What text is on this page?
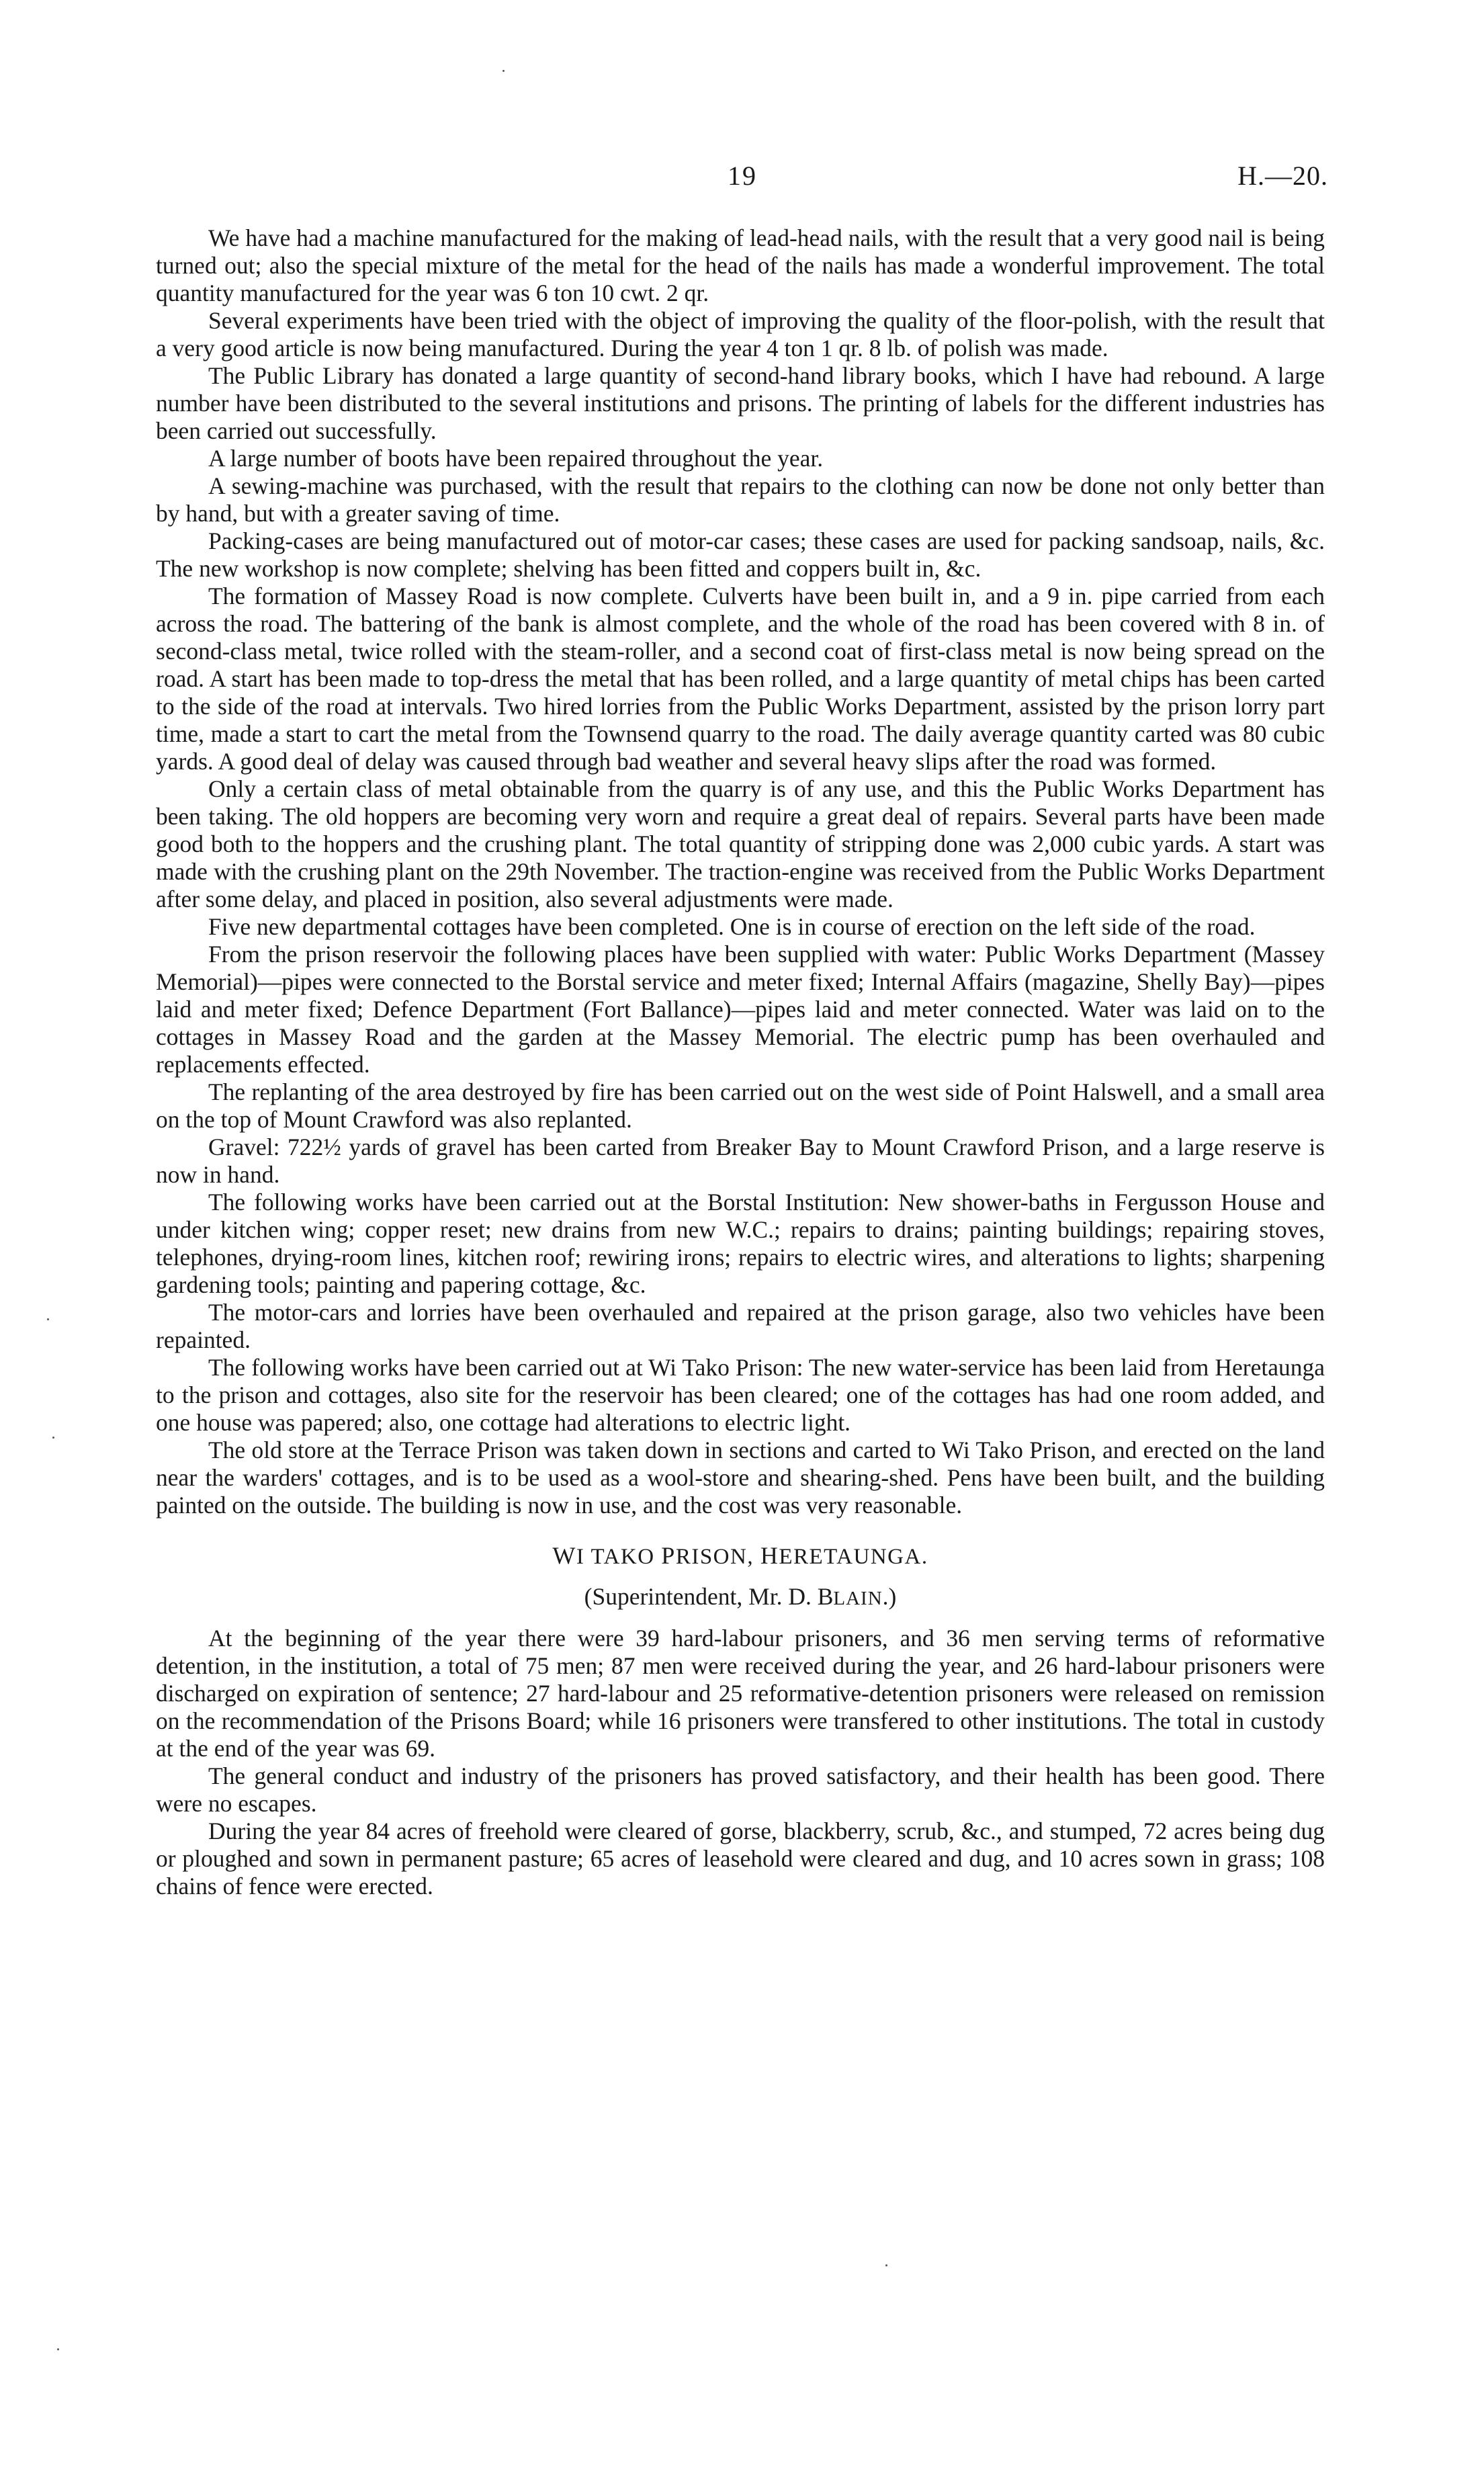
19	H.—20.

We have had a machine manufactured for the making of lead-head nails, with the result that a very good nail is being turned out; also the special mixture of the metal for the head of the nails has made a wonderful improvement. The total quantity manufactured for the year was 6 ton 10 cwt. 2 qr.

Several experiments have been tried with the object of improving the quality of the floor-polish, with the result that a very good article is now being manufactured. During the year 4 ton 1 qr. 8 lb. of polish was made.

The Public Library has donated a large quantity of second-hand library books, which I have had rebound. A large number have been distributed to the several institutions and prisons. The printing of labels for the different industries has been carried out successfully.

A large number of boots have been repaired throughout the year.

A sewing-machine was purchased, with the result that repairs to the clothing can now be done not only better than by hand, but with a greater saving of time.

Packing-cases are being manufactured out of motor-car cases; these cases are used for packing sandsoap, nails, &c. The new workshop is now complete; shelving has been fitted and coppers built in, &c.

The formation of Massey Road is now complete. Culverts have been built in, and a 9 in. pipe carried from each across the road. The battering of the bank is almost complete, and the whole of the road has been covered with 8 in. of second-class metal, twice rolled with the steam-roller, and a second coat of first-class metal is now being spread on the road. A start has been made to top-dress the metal that has been rolled, and a large quantity of metal chips has been carted to the side of the road at intervals. Two hired lorries from the Public Works Department, assisted by the prison lorry part time, made a start to cart the metal from the Townsend quarry to the road. The daily average quantity carted was 80 cubic yards. A good deal of delay was caused through bad weather and several heavy slips after the road was formed.

Only a certain class of metal obtainable from the quarry is of any use, and this the Public Works Department has been taking. The old hoppers are becoming very worn and require a great deal of repairs. Several parts have been made good both to the hoppers and the crushing plant. The total quantity of stripping done was 2,000 cubic yards. A start was made with the crushing plant on the 29th November. The traction-engine was received from the Public Works Department after some delay, and placed in position, also several adjustments were made.

Five new departmental cottages have been completed. One is in course of erection on the left side of the road.

From the prison reservoir the following places have been supplied with water: Public Works Department (Massey Memorial)—pipes were connected to the Borstal service and meter fixed; Internal Affairs (magazine, Shelly Bay)—pipes laid and meter fixed; Defence Department (Fort Ballance)—pipes laid and meter connected. Water was laid on to the cottages in Massey Road and the garden at the Massey Memorial. The electric pump has been overhauled and replacements effected.

The replanting of the area destroyed by fire has been carried out on the west side of Point Halswell, and a small area on the top of Mount Crawford was also replanted.

Gravel: 722½ yards of gravel has been carted from Breaker Bay to Mount Crawford Prison, and a large reserve is now in hand.

The following works have been carried out at the Borstal Institution: New shower-baths in Fergusson House and under kitchen wing; copper reset; new drains from new W.C.; repairs to drains; painting buildings; repairing stoves, telephones, drying-room lines, kitchen roof; rewiring irons; repairs to electric wires, and alterations to lights; sharpening gardening tools; painting and papering cottage, &c.

The motor-cars and lorries have been overhauled and repaired at the prison garage, also two vehicles have been repainted.

The following works have been carried out at Wi Tako Prison: The new water-service has been laid from Heretaunga to the prison and cottages, also site for the reservoir has been cleared; one of the cottages has had one room added, and one house was papered; also, one cottage had alterations to electric light.

The old store at the Terrace Prison was taken down in sections and carted to Wi Tako Prison, and erected on the land near the warders' cottages, and is to be used as a wool-store and shearing-shed. Pens have been built, and the building painted on the outside. The building is now in use, and the cost was very reasonable.

WI TAKO PRISON, HERETAUNGA.
(Superintendent, Mr. D. BLAIN.)

At the beginning of the year there were 39 hard-labour prisoners, and 36 men serving terms of reformative detention, in the institution, a total of 75 men; 87 men were received during the year, and 26 hard-labour prisoners were discharged on expiration of sentence; 27 hard-labour and 25 reformative-detention prisoners were released on remission on the recommendation of the Prisons Board; while 16 prisoners were transfered to other institutions. The total in custody at the end of the year was 69.

The general conduct and industry of the prisoners has proved satisfactory, and their health has been good. There were no escapes.

During the year 84 acres of freehold were cleared of gorse, blackberry, scrub, &c., and stumped, 72 acres being dug or ploughed and sown in permanent pasture; 65 acres of leasehold were cleared and dug, and 10 acres sown in grass; 108 chains of fence were erected.
